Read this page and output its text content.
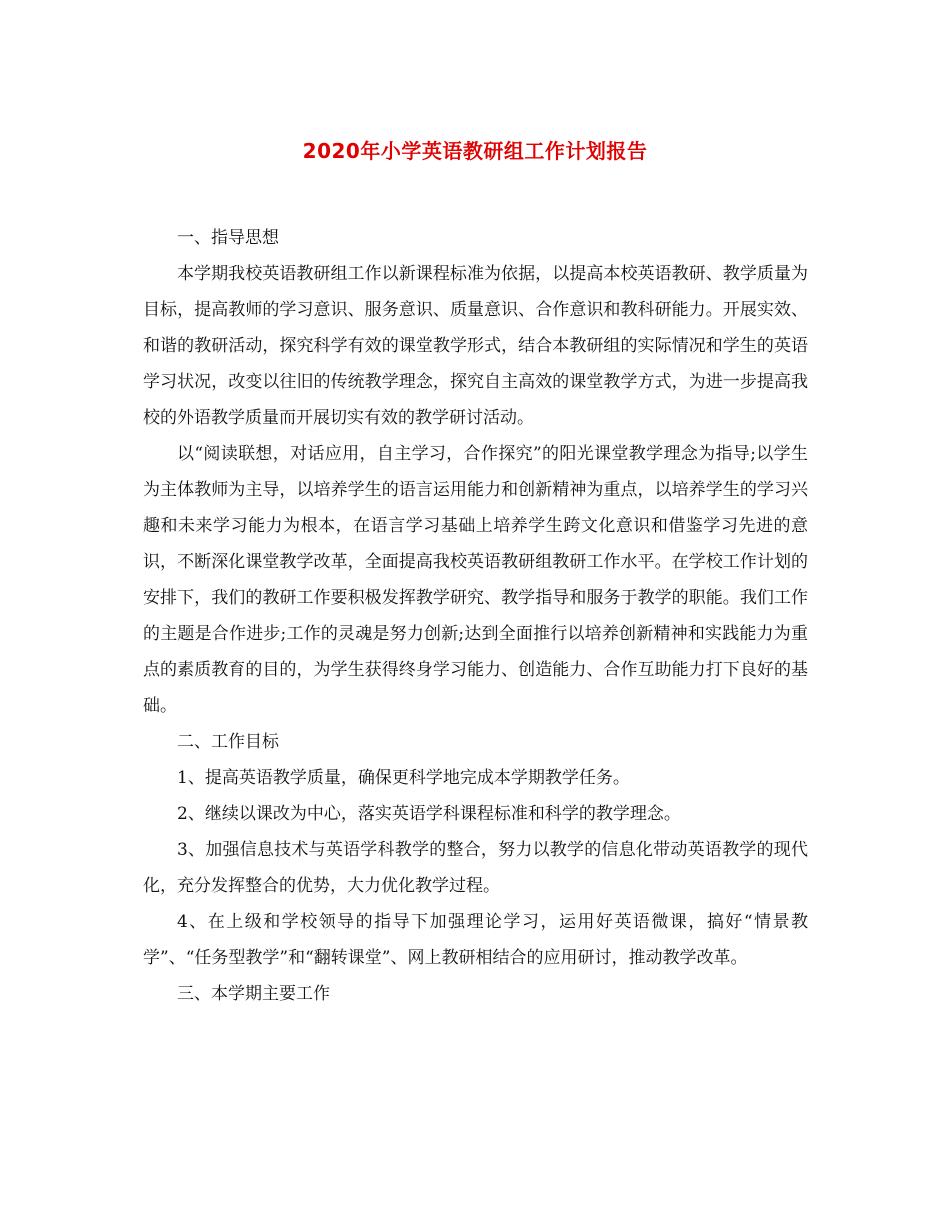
2020年小学英语教研组工作计划报告

一、指导思想

本学期我校英语教研组工作以新课程标准为依据，以提高本校英语教研、教学质量为目标，提高教师的学习意识、服务意识、质量意识、合作意识和教科研能力。开展实效、和谐的教研活动，探究科学有效的课堂教学形式，结合本教研组的实际情况和学生的英语学习状况，改变以往旧的传统教学理念，探究自主高效的课堂教学方式，为进一步提高我校的外语教学质量而开展切实有效的教学研讨活动。

以“阅读联想，对话应用，自主学习，合作探究”的阳光课堂教学理念为指导;以学生为主体教师为主导，以培养学生的语言运用能力和创新精神为重点，以培养学生的学习兴趣和未来学习能力为根本，在语言学习基础上培养学生跨文化意识和借鉴学习先进的意识，不断深化课堂教学改革，全面提高我校英语教研组教研工作水平。在学校工作计划的安排下，我们的教研工作要积极发挥教学研究、教学指导和服务于教学的职能。我们工作的主题是合作进步;工作的灵魂是努力创新;达到全面推行以培养创新精神和实践能力为重点的素质教育的目的，为学生获得终身学习能力、创造能力、合作互助能力打下良好的基础。

二、工作目标

1、提高英语教学质量，确保更科学地完成本学期教学任务。

2、继续以课改为中心，落实英语学科课程标准和科学的教学理念。

3、加强信息技术与英语学科教学的整合，努力以教学的信息化带动英语教学的现代化，充分发挥整合的优势，大力优化教学过程。

4、在上级和学校领导的指导下加强理论学习，运用好英语微课，搞好“情景教学”、“任务型教学”和“翻转课堂”、网上教研相结合的应用研讨，推动教学改革。

三、本学期主要工作
